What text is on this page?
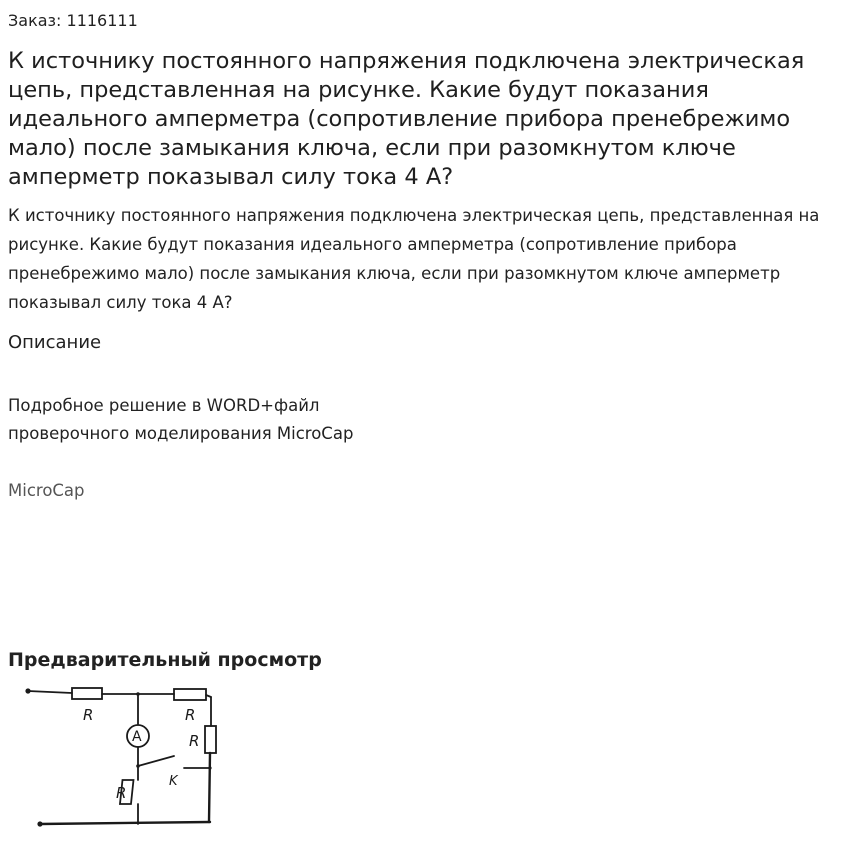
Заказ: 1116111
К источнику постоянного напряжения подключена электрическая цепь, представленная на рисунке. Какие будут показания идеального амперметра (сопротивление прибора пренебрежимо мало) после замыкания ключа, если при разомкнутом ключе амперметр показывал силу тока 4 А?

К источнику постоянного напряжения подключена электрическая цепь, представленная на рисунке. Какие будут показания идеального амперметра (сопротивление прибора пренебрежимо мало) после замыкания ключа, если при разомкнутом ключе амперметр показывал силу тока 4 А?

Описание
Подробное решение в WORD+файл
проверочного моделирования MicroCap
MicroCap
Предварительный просмотр
R	R
R
R
A
K
